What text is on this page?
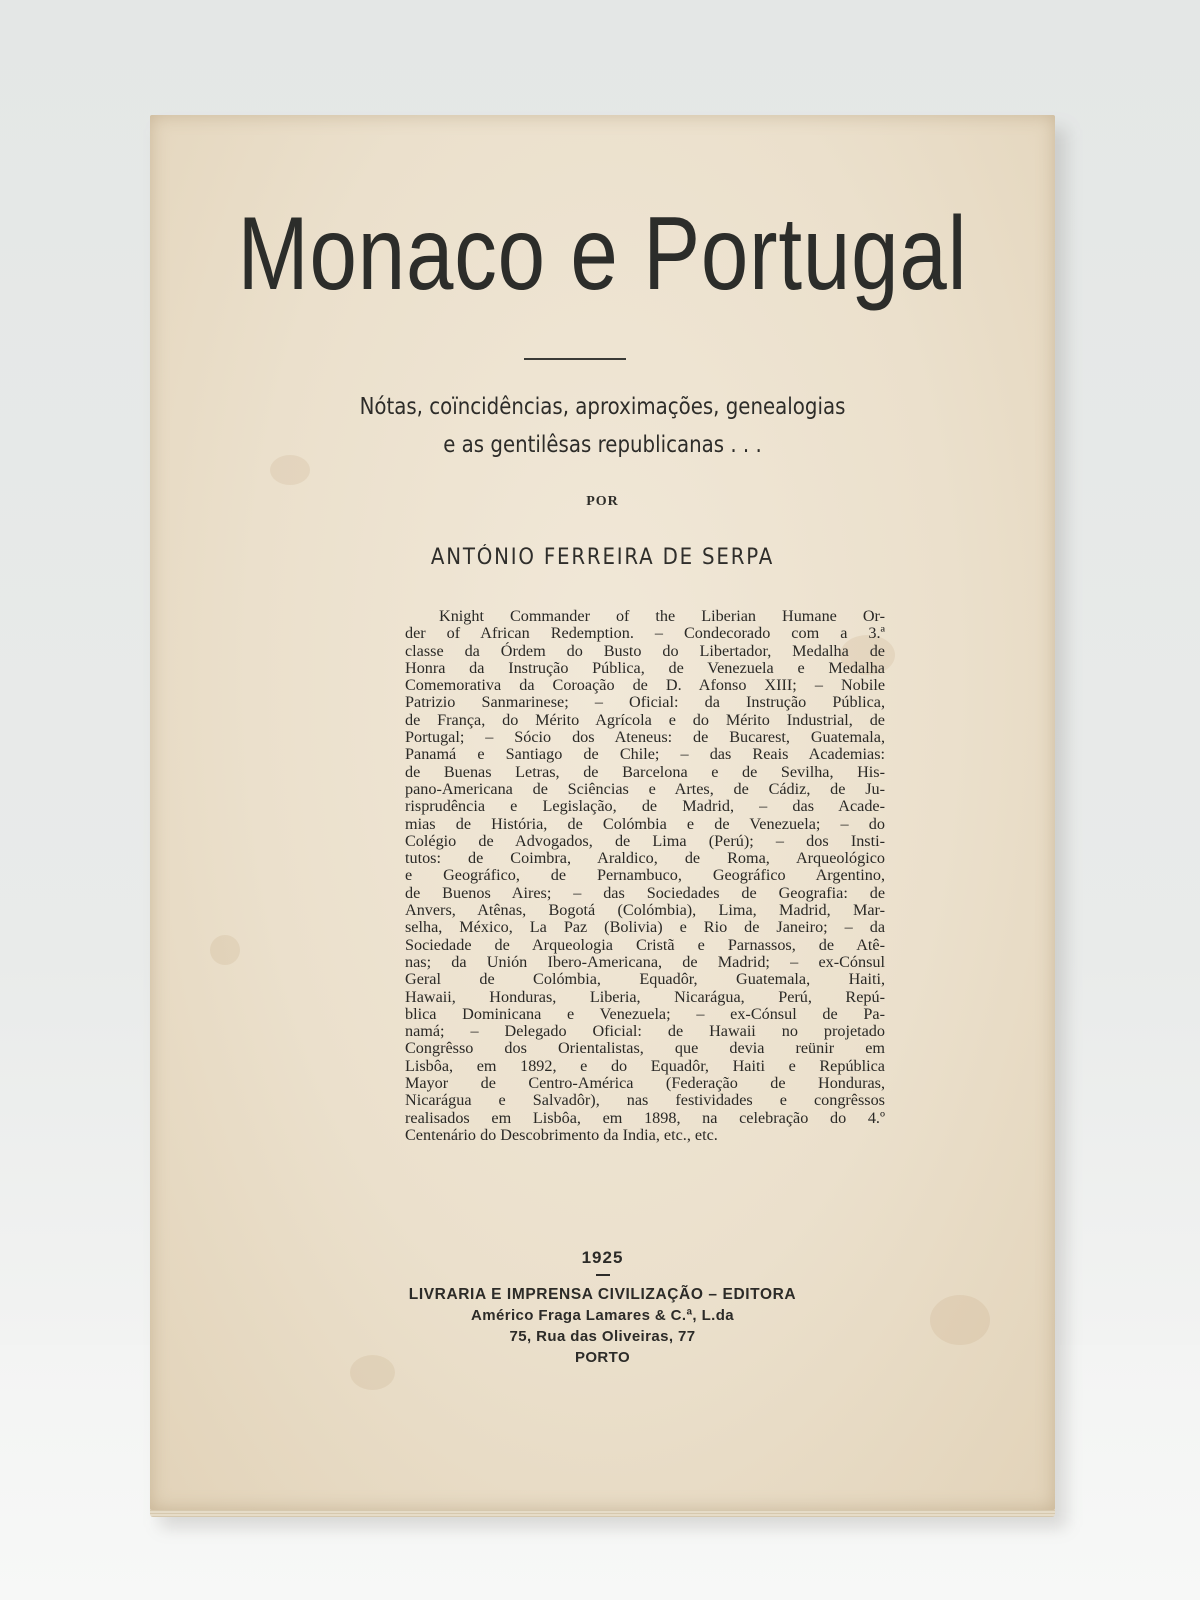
Monaco e Portugal
Nótas, coïncidências, aproximações, genealogias
e as gentilêsas republicanas . . .
POR
ANTÓNIO FERREIRA DE SERPA
Knight Commander of the Liberian Humane Or-
der of African Redemption. – Condecorado com a 3.ª
classe da Órdem do Busto do Libertador, Medalha de
Honra da Instrução Pública, de Venezuela e Medalha
Comemorativa da Coroação de D. Afonso XIII; – Nobile
Patrizio Sanmarinese; – Oficial: da Instrução Pública,
de França, do Mérito Agrícola e do Mérito Industrial, de
Portugal; – Sócio dos Ateneus: de Bucarest, Guatemala,
Panamá e Santiago de Chile; – das Reais Academias:
de Buenas Letras, de Barcelona e de Sevilha, His-
pano-Americana de Sciências e Artes, de Cádiz, de Ju-
risprudência e Legislação, de Madrid, – das Acade-
mias de História, de Colómbia e de Venezuela; – do
Colégio de Advogados, de Lima (Perú); – dos Insti-
tutos: de Coimbra, Araldico, de Roma, Arqueológico
e Geográfico, de Pernambuco, Geográfico Argentino,
de Buenos Aires; – das Sociedades de Geografia: de
Anvers, Atênas, Bogotá (Colómbia), Lima, Madrid, Mar-
selha, México, La Paz (Bolivia) e Rio de Janeiro; – da
Sociedade de Arqueologia Cristã e Parnassos, de Atê-
nas; da Unión Ibero-Americana, de Madrid; – ex-Cónsul
Geral de Colómbia, Equadôr, Guatemala, Haiti,
Hawaii, Honduras, Liberia, Nicarágua, Perú, Repú-
blica Dominicana e Venezuela; – ex-Cónsul de Pa-
namá; – Delegado Oficial: de Hawaii no projetado
Congrêsso dos Orientalistas, que devia reünir em
Lisbôa, em 1892, e do Equadôr, Haiti e República
Mayor de Centro-América (Federação de Honduras,
Nicarágua e Salvadôr), nas festividades e congrêssos
realisados em Lisbôa, em 1898, na celebração do 4.º
Centenário do Descobrimento da India, etc., etc.
1925
LIVRARIA E IMPRENSA CIVILIZAÇÃO – EDITORA
Américo Fraga Lamares & C.ª, L.da
75, Rua das Oliveiras, 77
PORTO
